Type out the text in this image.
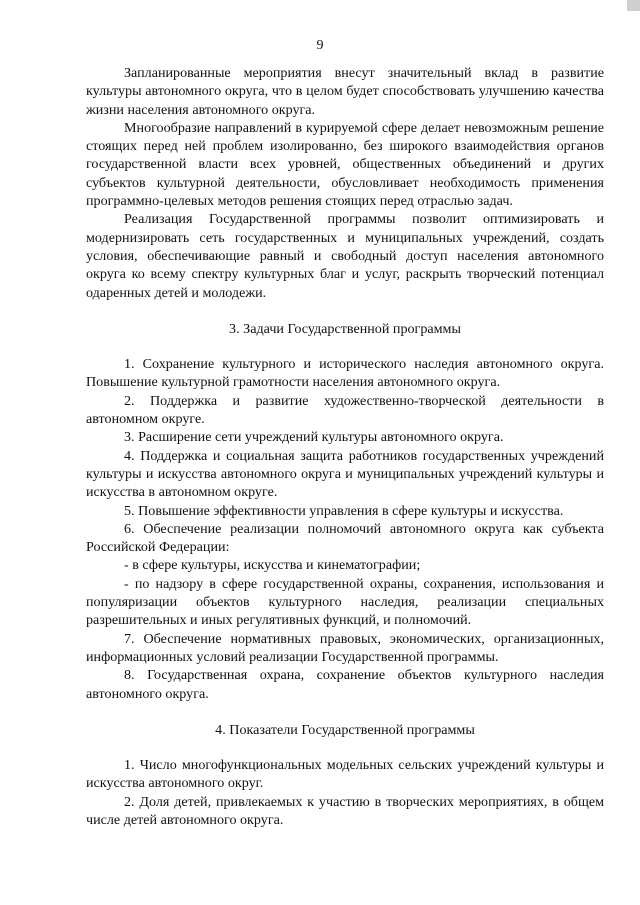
9

Запланированные мероприятия внесут значительный вклад в развитие культуры автономного округа, что в целом будет способствовать улучшению качества жизни населения автономного округа.

Многообразие направлений в курируемой сфере делает невозможным решение стоящих перед ней проблем изолированно, без широкого взаимодействия органов государственной власти всех уровней, общественных объединений и других субъектов культурной деятельности, обусловливает необходимость применения программно-целевых методов решения стоящих перед отраслью задач.

Реализация Государственной программы позволит оптимизировать и модернизировать сеть государственных и муниципальных учреждений, создать условия, обеспечивающие равный и свободный доступ населения автономного округа ко всему спектру культурных благ и услуг, раскрыть творческий потенциал одаренных детей и молодежи.

3. Задачи Государственной программы

1. Сохранение культурного и исторического наследия автономного округа. Повышение культурной грамотности населения автономного округа.

2. Поддержка и развитие художественно-творческой деятельности в автономном округе.

3. Расширение сети учреждений культуры автономного округа.

4. Поддержка и социальная защита работников государственных учреждений культуры и искусства автономного округа и муниципальных учреждений культуры и искусства в автономном округе.

5. Повышение эффективности управления в сфере культуры и искусства.

6. Обеспечение реализации полномочий автономного округа как субъекта Российской Федерации:

- в сфере культуры, искусства и кинематографии;

- по надзору в сфере государственной охраны, сохранения, использования и популяризации объектов культурного наследия, реализации специальных разрешительных и иных регулятивных функций, и полномочий.

7. Обеспечение нормативных правовых, экономических, организационных, информационных условий реализации Государственной программы.

8. Государственная охрана, сохранение объектов культурного наследия автономного округа.

4. Показатели Государственной программы

1. Число многофункциональных модельных сельских учреждений культуры и искусства автономного округ.

2. Доля детей, привлекаемых к участию в творческих мероприятиях, в общем числе детей автономного округа.
